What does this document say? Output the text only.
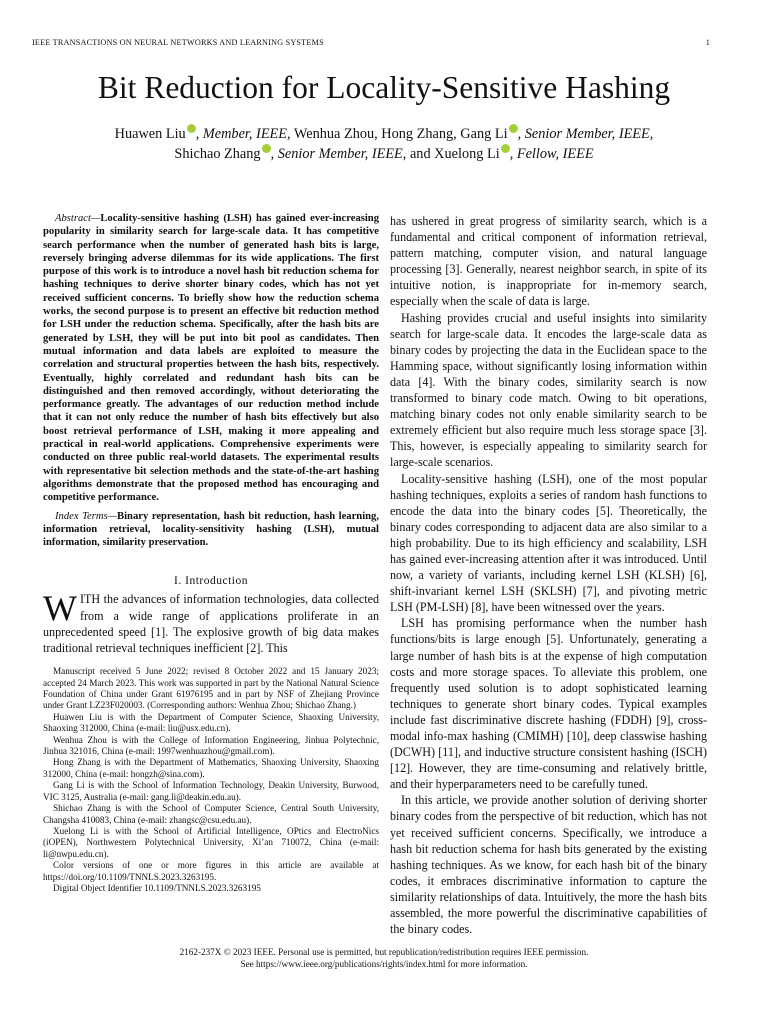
IEEE TRANSACTIONS ON NEURAL NETWORKS AND LEARNING SYSTEMS	1
Bit Reduction for Locality-Sensitive Hashing
Huawen Liu , Member, IEEE, Wenhua Zhou, Hong Zhang, Gang Li , Senior Member, IEEE,
Shichao Zhang , Senior Member, IEEE, and Xuelong Li , Fellow, IEEE

Abstract—Locality-sensitive hashing (LSH) has gained ever-increasing popularity in similarity search for large-scale data. It has competitive search performance when the number of generated hash bits is large, reversely bringing adverse dilemmas for its wide applications. The first purpose of this work is to introduce a novel hash bit reduction schema for hashing techniques to derive shorter binary codes, which has not yet received sufficient concerns. To briefly show how the reduction schema works, the second purpose is to present an effective bit reduction method for LSH under the reduction schema. Specifically, after the hash bits are generated by LSH, they will be put into bit pool as candidates. Then mutual information and data labels are exploited to measure the correlation and structural properties between the hash bits, respectively. Eventually, highly correlated and redundant hash bits can be distinguished and then removed accordingly, without deteriorating the performance greatly. The advantages of our reduction method include that it can not only reduce the number of hash bits effectively but also boost retrieval performance of LSH, making it more appealing and practical in real-world applications. Comprehensive experiments were conducted on three public real-world datasets. The experimental results with representative bit selection methods and the state-of-the-art hashing algorithms demonstrate that the proposed method has encouraging and competitive performance.

Index Terms—Binary representation, hash bit reduction, hash learning, information retrieval, locality-sensitivity hashing (LSH), mutual information, similarity preservation.

I. Introduction

WITH the advances of information technologies, data collected from a wide range of applications proliferate in an unprecedented speed [1]. The explosive growth of big data makes traditional retrieval techniques inefficient [2]. This

Manuscript received 5 June 2022; revised 8 October 2022 and 15 January 2023; accepted 24 March 2023. This work was supported in part by the National Natural Science Foundation of China under Grant 61976195 and in part by NSF of Zhejiang Province under Grant LZ23F020003. (Corresponding authors: Wenhua Zhou; Shichao Zhang.)

Huawen Liu is with the Department of Computer Science, Shaoxing University, Shaoxing 312000, China (e-mail: liu@usx.edu.cn).

Wenhua Zhou is with the College of Information Engineering, Jinhua Polytechnic, Jinhua 321016, China (e-mail: 1997wenhuazhou@gmail.com).

Hong Zhang is with the Department of Mathematics, Shaoxing University, Shaoxing 312000, China (e-mail: hongzh@sina.com).

Gang Li is with the School of Information Technology, Deakin University, Burwood, VIC 3125, Australia (e-mail: gang.li@deakin.edu.au).

Shichao Zhang is with the School of Computer Science, Central South University, Changsha 410083, China (e-mail: zhangsc@csu.edu.au).

Xuelong Li is with the School of Artificial Intelligence, OPtics and ElectroNics (iOPEN), Northwestern Polytechnical University, Xi’an 710072, China (e-mail: li@nwpu.edu.cn).

Color versions of one or more figures in this article are available at https://doi.org/10.1109/TNNLS.2023.3263195.

Digital Object Identifier 10.1109/TNNLS.2023.3263195

has ushered in great progress of similarity search, which is a fundamental and critical component of information retrieval, pattern matching, computer vision, and natural language processing [3]. Generally, nearest neighbor search, in spite of its intuitive notion, is inappropriate for in-memory search, especially when the scale of data is large.

Hashing provides crucial and useful insights into similarity search for large-scale data. It encodes the large-scale data as binary codes by projecting the data in the Euclidean space to the Hamming space, without significantly losing information within data [4]. With the binary codes, similarity search is now transformed to binary code match. Owing to bit operations, matching binary codes not only enable similarity search to be extremely efficient but also require much less storage space [3]. This, however, is especially appealing to similarity search for large-scale scenarios.

Locality-sensitive hashing (LSH), one of the most popular hashing techniques, exploits a series of random hash functions to encode the data into the binary codes [5]. Theoretically, the binary codes corresponding to adjacent data are also similar to a high probability. Due to its high efficiency and scalability, LSH has gained ever-increasing attention after it was introduced. Until now, a variety of variants, including kernel LSH (KLSH) [6], shift-invariant kernel LSH (SKLSH) [7], and pivoting metric LSH (PM-LSH) [8], have been witnessed over the years.

LSH has promising performance when the number hash functions/bits is large enough [5]. Unfortunately, generating a large number of hash bits is at the expense of high computation costs and more storage spaces. To alleviate this problem, one frequently used solution is to adopt sophisticated learning techniques to generate short binary codes. Typical examples include fast discriminative discrete hashing (FDDH) [9], cross-modal info-max hashing (CMIMH) [10], deep classwise hashing (DCWH) [11], and inductive structure consistent hashing (ISCH) [12]. However, they are time-consuming and relatively brittle, and their hyperparameters need to be carefully tuned.

In this article, we provide another solution of deriving shorter binary codes from the perspective of bit reduction, which has not yet received sufficient concerns. Specifically, we introduce a hash bit reduction schema for hash bits generated by the existing hashing techniques. As we know, for each hash bit of the binary codes, it embraces discriminative information to capture the similarity relationships of data. Intuitively, the more the hash bits assembled, the more powerful the discriminative capabilities of the binary codes.

2162-237X © 2023 IEEE. Personal use is permitted, but republication/redistribution requires IEEE permission.
See https://www.ieee.org/publications/rights/index.html for more information.
